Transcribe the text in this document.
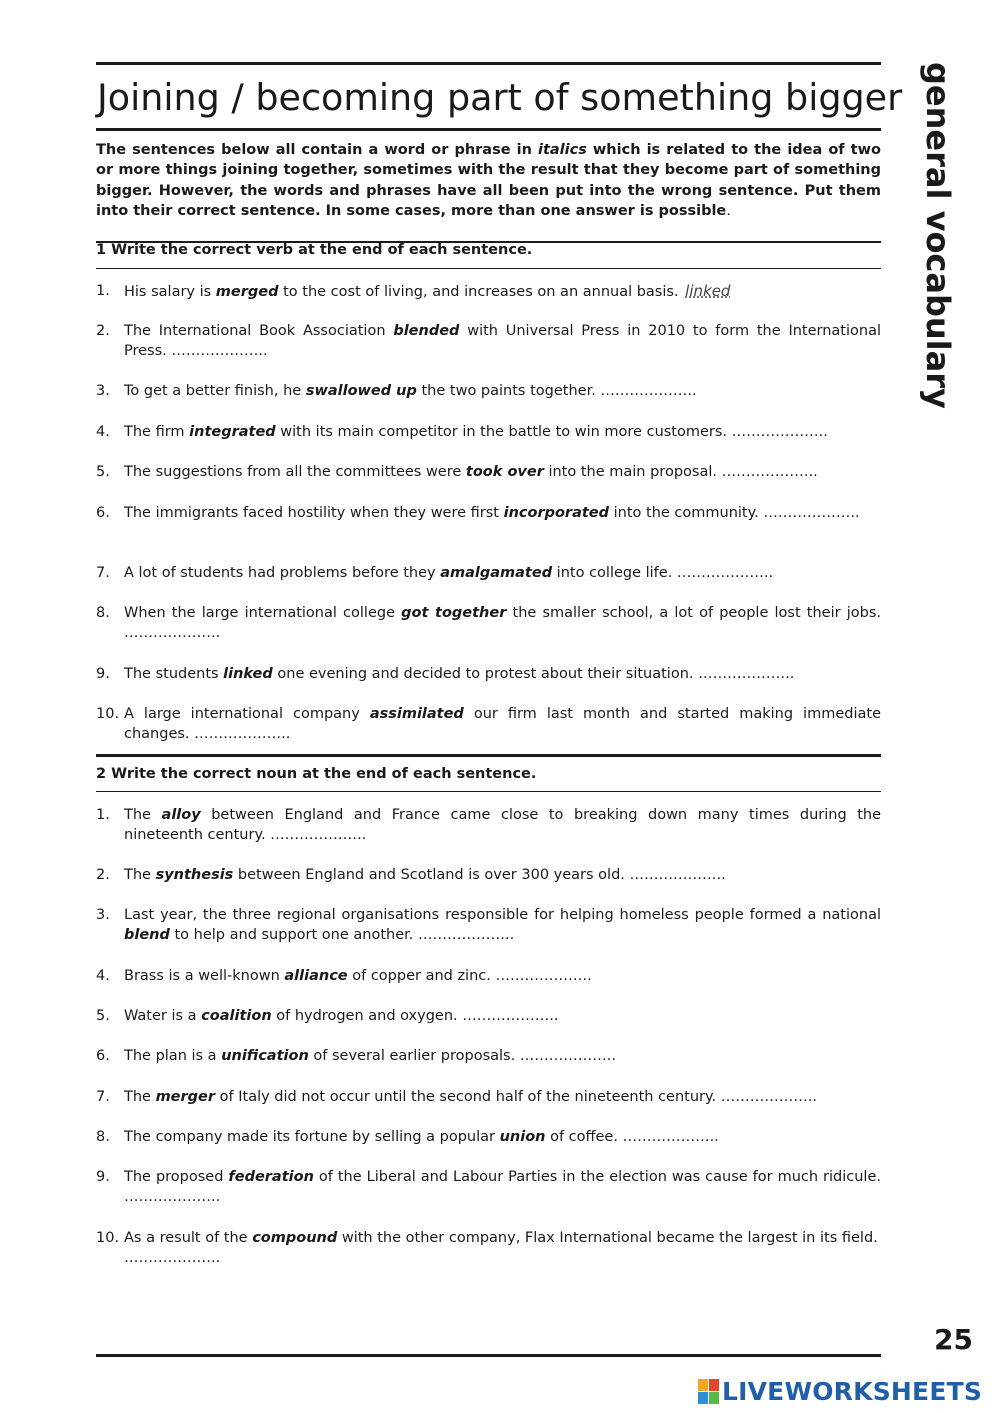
Joining / becoming part of something bigger

The sentences below all contain a word or phrase in italics which is related to the idea of two or more things joining together, sometimes with the result that they become part of something bigger. However, the words and phrases have all been put into the wrong sentence. Put them into their correct sentence. In some cases, more than one answer is possible.

1 Write the correct verb at the end of each sentence.

2 Write the correct noun at the end of each sentence.

1. His salary is merged to the cost of living, and increases on an annual basis. linked

2. The International Book Association blended with Universal Press in 2010 to form the International Press. ………………..

3. To get a better finish, he swallowed up the two paints together. ………………..

4. The firm integrated with its main competitor in the battle to win more customers. ………………..

5. The suggestions from all the committees were took over into the main proposal. ………………..

6. The immigrants faced hostility when they were first incorporated into the community. ………………..

7. A lot of students had problems before they amalgamated into college life. ………………..

8. When the large international college got together the smaller school, a lot of people lost their jobs. ………………..

9. The students linked one evening and decided to protest about their situation. ………………..

10. A large international company assimilated our firm last month and started making immediate changes. ………………..

1. The alloy between England and France came close to breaking down many times during the nineteenth century. ………………..

2. The synthesis between England and Scotland is over 300 years old. ………………..

3. Last year, the three regional organisations responsible for helping homeless people formed a national blend to help and support one another. ………………..

4. Brass is a well-known alliance of copper and zinc. ………………..

5. Water is a coalition of hydrogen and oxygen. ………………..

6. The plan is a unification of several earlier proposals. ………………..

7. The merger of Italy did not occur until the second half of the nineteenth century. ………………..

8. The company made its fortune by selling a popular union of coffee. ………………..

9. The proposed federation of the Liberal and Labour Parties in the election was cause for much ridicule. ………………..

10. As a result of the compound with the other company, Flax International became the largest in its field. ………………..

general vocabulary
25
LIVEWORKSHEETS
